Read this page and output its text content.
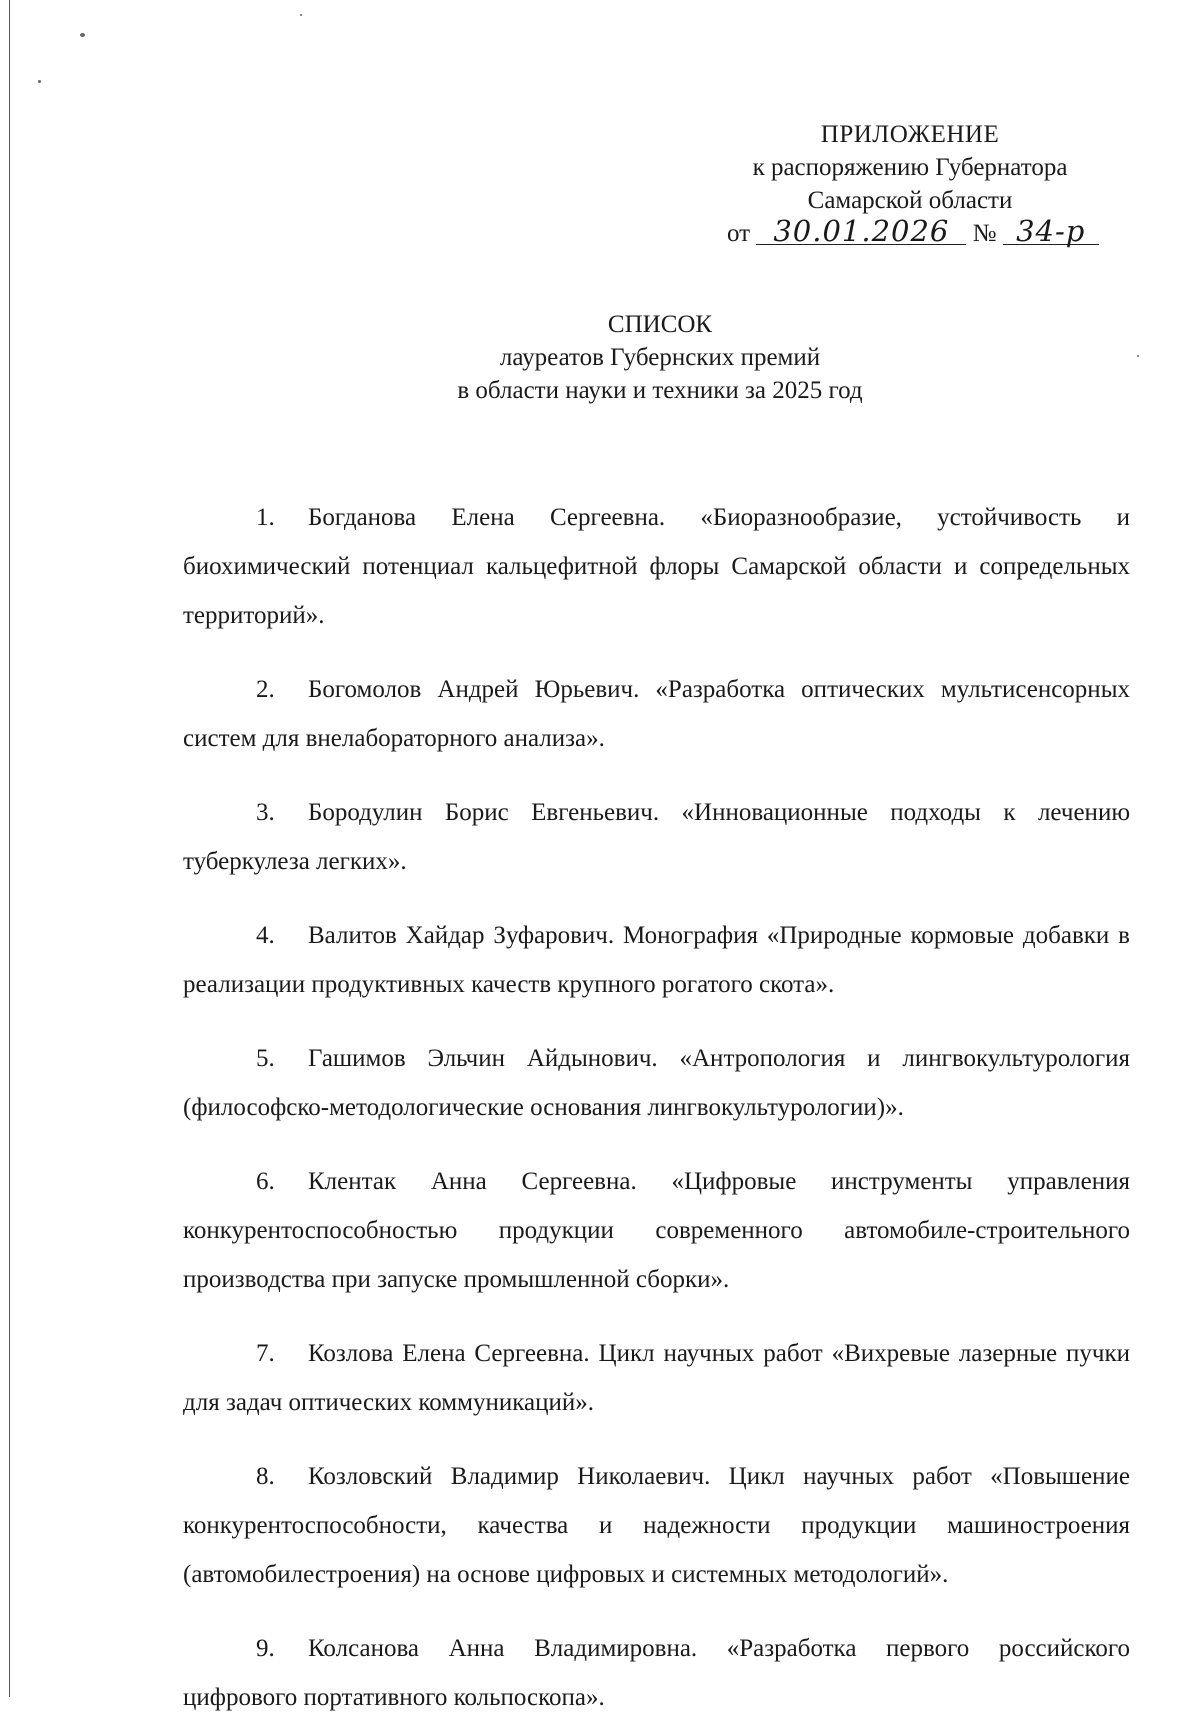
ПРИЛОЖЕНИЕ
к распоряжению Губернатора
Самарской области
от 30.01.2026 № 34-р
СПИСОК
лауреатов Губернских премий
в области науки и техники за 2025 год

1. Богданова Елена Сергеевна. «Биоразнообразие, устойчивость и биохимический потенциал кальцефитной флоры Самарской области и сопредельных территорий».

2. Богомолов Андрей Юрьевич. «Разработка оптических мультисенсорных систем для внелабораторного анализа».

3. Бородулин Борис Евгеньевич. «Инновационные подходы к лечению туберкулеза легких».

4. Валитов Хайдар Зуфарович. Монография «Природные кормовые добавки в реализации продуктивных качеств крупного рогатого скота».

5. Гашимов Эльчин Айдынович. «Антропология и лингвокультурология (философско-методологические основания лингвокультурологии)».

6. Клентак Анна Сергеевна. «Цифровые инструменты управления конкурентоспособностью продукции современного автомобиле-строительного производства при запуске промышленной сборки».

7. Козлова Елена Сергеевна. Цикл научных работ «Вихревые лазерные пучки для задач оптических коммуникаций».

8. Козловский Владимир Николаевич. Цикл научных работ «Повышение конкурентоспособности, качества и надежности продукции машиностроения (автомобилестроения) на основе цифровых и системных методологий».

9. Колсанова Анна Владимировна. «Разработка первого российского цифрового портативного кольпоскопа».
